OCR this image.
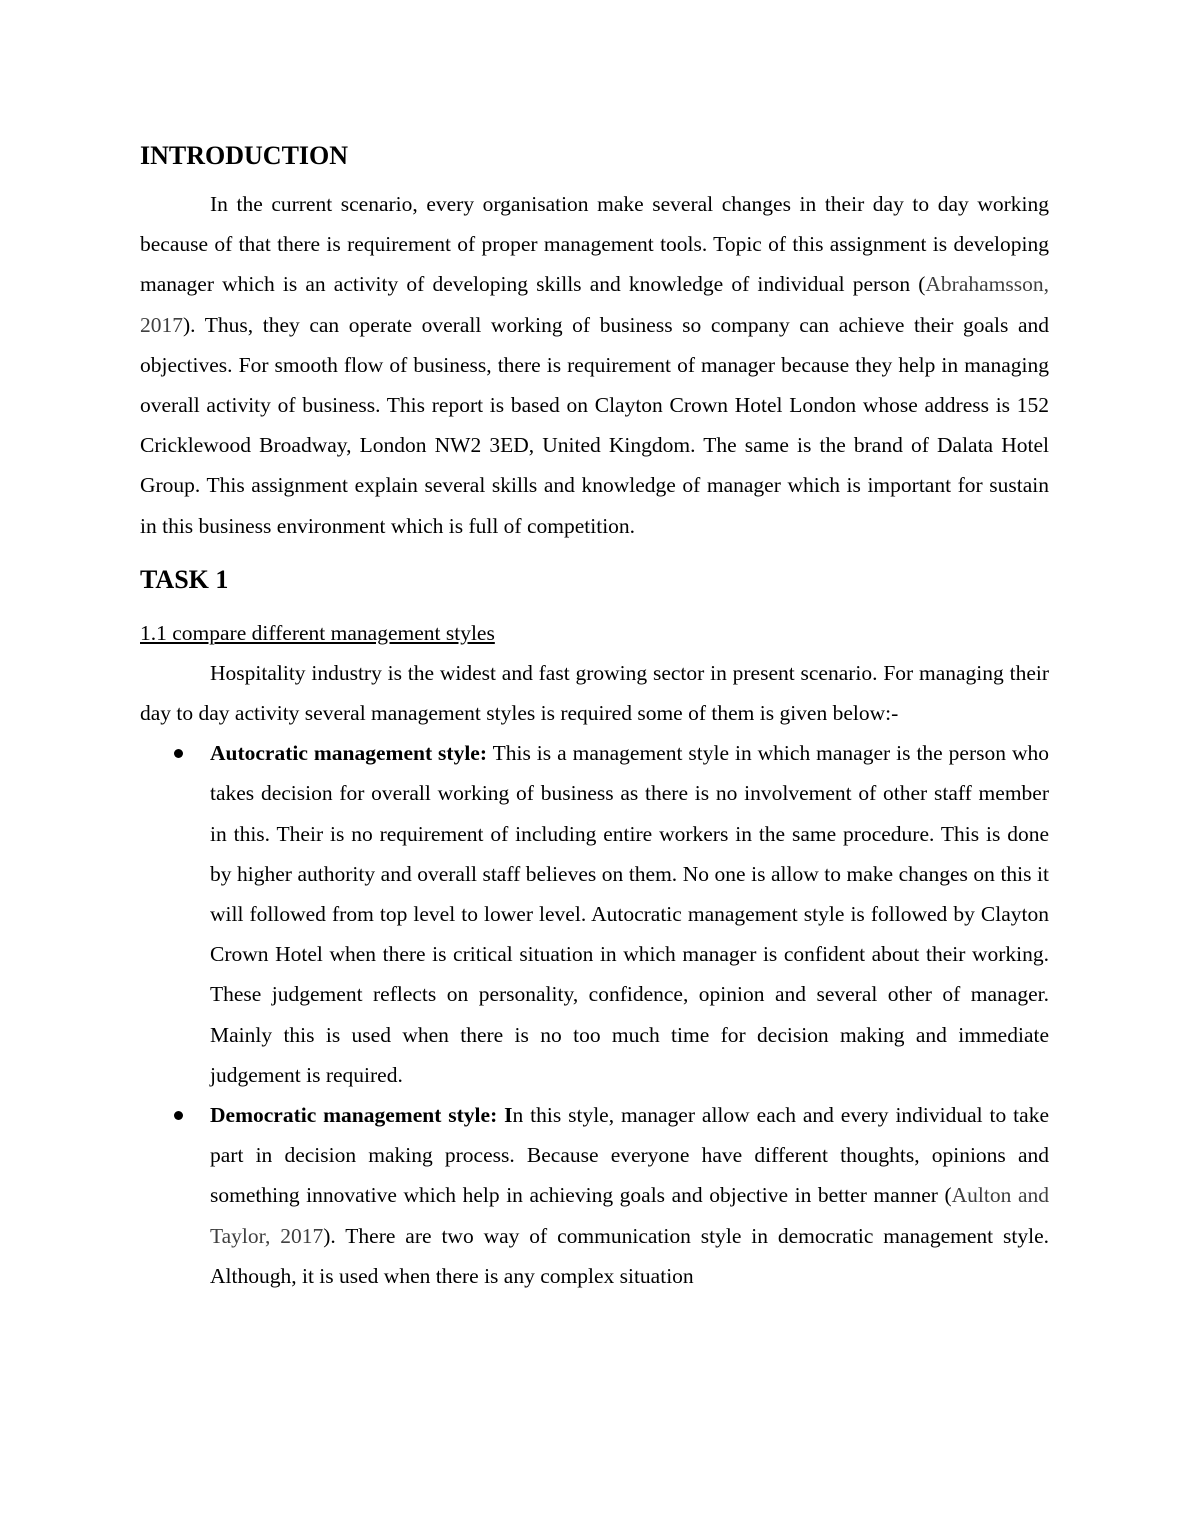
INTRODUCTION

In the current scenario, every organisation make several changes in their day to day working because of that there is requirement of proper management tools. Topic of this assignment is developing manager which is an activity of developing skills and knowledge of individual person (Abrahamsson, 2017). Thus, they can operate overall working of business so company can achieve their goals and objectives. For smooth flow of business, there is requirement of manager because they help in managing overall activity of business. This report is based on Clayton Crown Hotel London whose address is 152 Cricklewood Broadway, London NW2 3ED, United Kingdom. The same is the brand of Dalata Hotel Group. This assignment explain several skills and knowledge of manager which is important for sustain in this business environment which is full of competition.

TASK 1
1.1 compare different management styles

Hospitality industry is the widest and fast growing sector in present scenario. For managing their day to day activity several management styles is required some of them is given below:-

Autocratic management style: This is a management style in which manager is the person who takes decision for overall working of business as there is no involvement of other staff member in this. Their is no requirement of including entire workers in the same procedure. This is done by higher authority and overall staff believes on them. No one is allow to make changes on this it will followed from top level to lower level. Autocratic management style is followed by Clayton Crown Hotel when there is critical situation in which manager is confident about their working. These judgement reflects on personality, confidence, opinion and several other of manager. Mainly this is used when there is no too much time for decision making and immediate judgement is required.
Democratic management style: In this style, manager allow each and every individual to take part in decision making process. Because everyone have different thoughts, opinions and something innovative which help in achieving goals and objective in better manner (Aulton and Taylor, 2017). There are two way of communication style in democratic management style. Although, it is used when there is any complex situation
